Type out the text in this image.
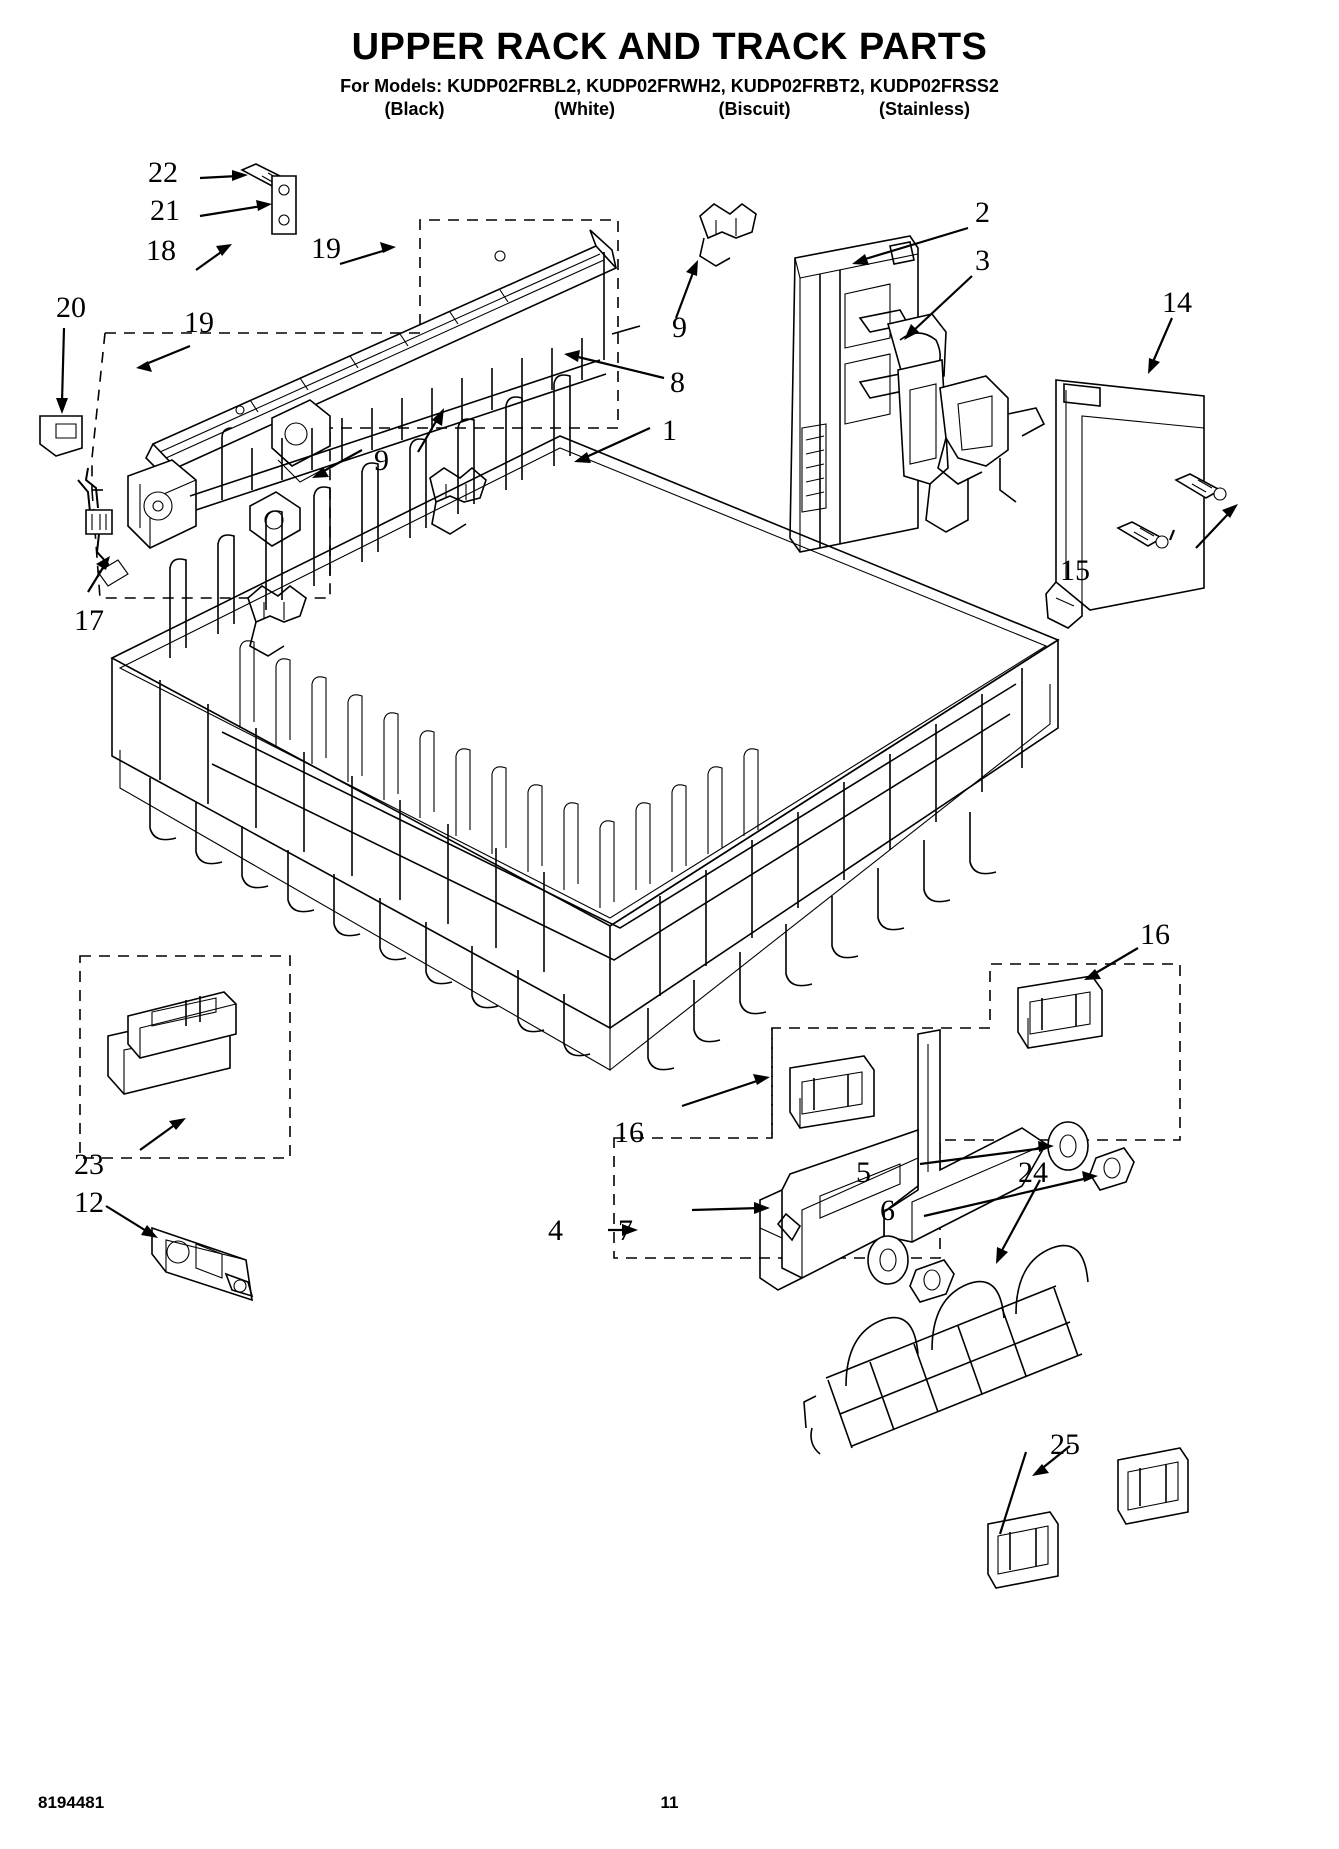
UPPER RACK AND TRACK PARTS
For Models: KUDP02FRBL2, KUDP02FRWH2, KUDP02FRBT2, KUDP02FRSS2
(Black)	(White)	(Biscuit)	(Stainless)
22
21
18	19
19
20
17
9
9
8
2
3
14
15
1
16
16
23
12
4 7
5
6
24
25
8194481	11
